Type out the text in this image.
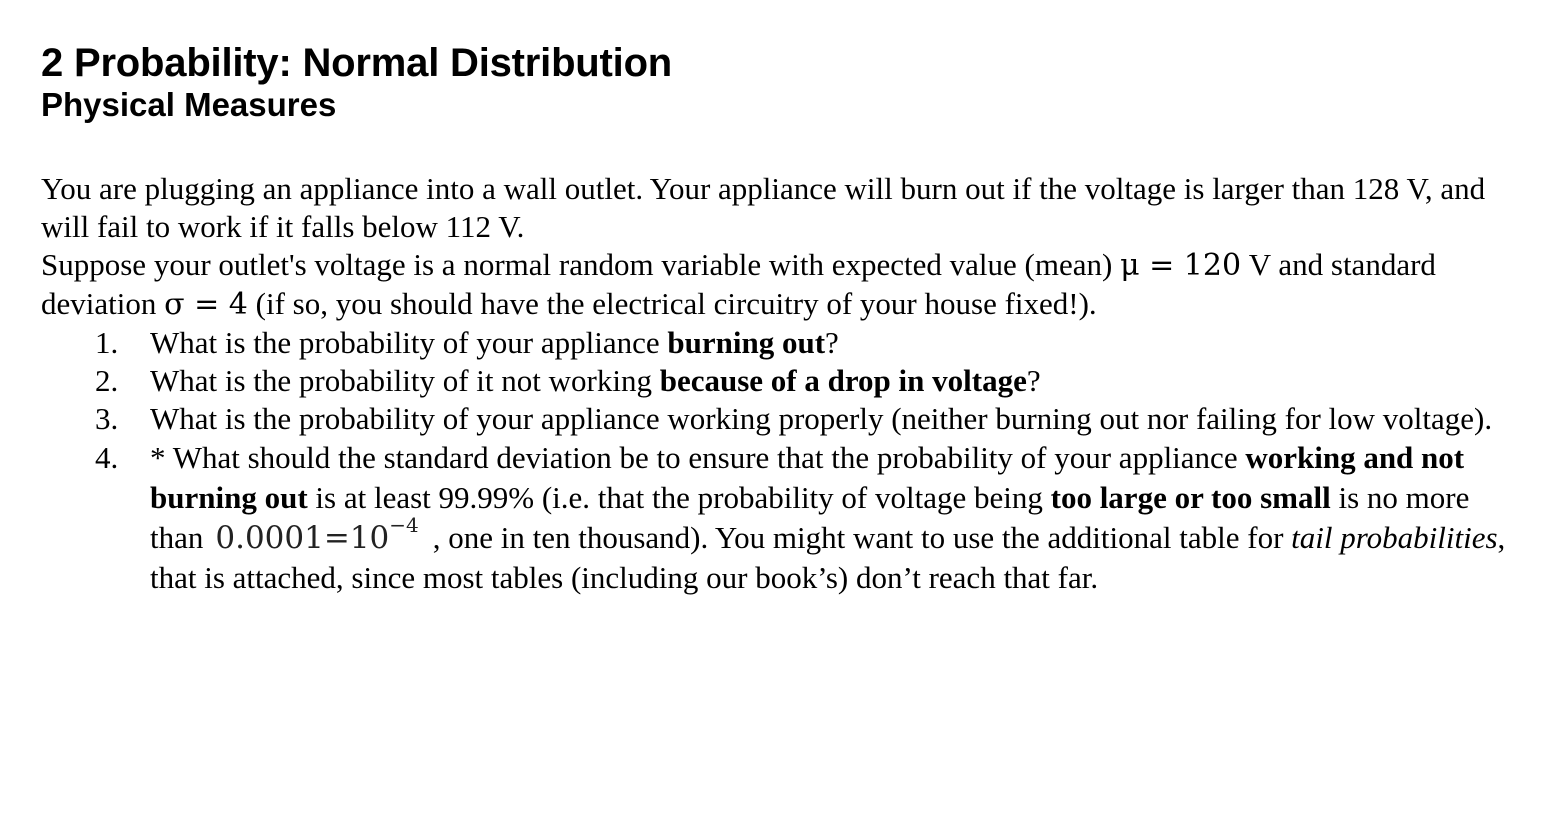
2 Probability: Normal Distribution
Physical Measures

You are plugging an appliance into a wall outlet. Your appliance will burn out if the voltage is larger than 128 V, and will fail to work if it falls below 112 V.

Suppose your outlet's voltage is a normal random variable with expected value (mean) μ = 120 V and standard deviation σ = 4 (if so, you should have the electrical circuitry of your house fixed!).

1. What is the probability of your appliance burning out?
2. What is the probability of it not working because of a drop in voltage?
3. What is the probability of your appliance working properly (neither burning out nor failing for low voltage).
4. * What should the standard deviation be to ensure that the probability of your appliance working and not burning out is at least 99.99% (i.e. that the probability of voltage being too large or too small is no more than $0.0001=10^{-4}$ , one in ten thousand). You might want to use the additional table for tail probabilities, that is attached, since most tables (including our book’s) don’t reach that far.
